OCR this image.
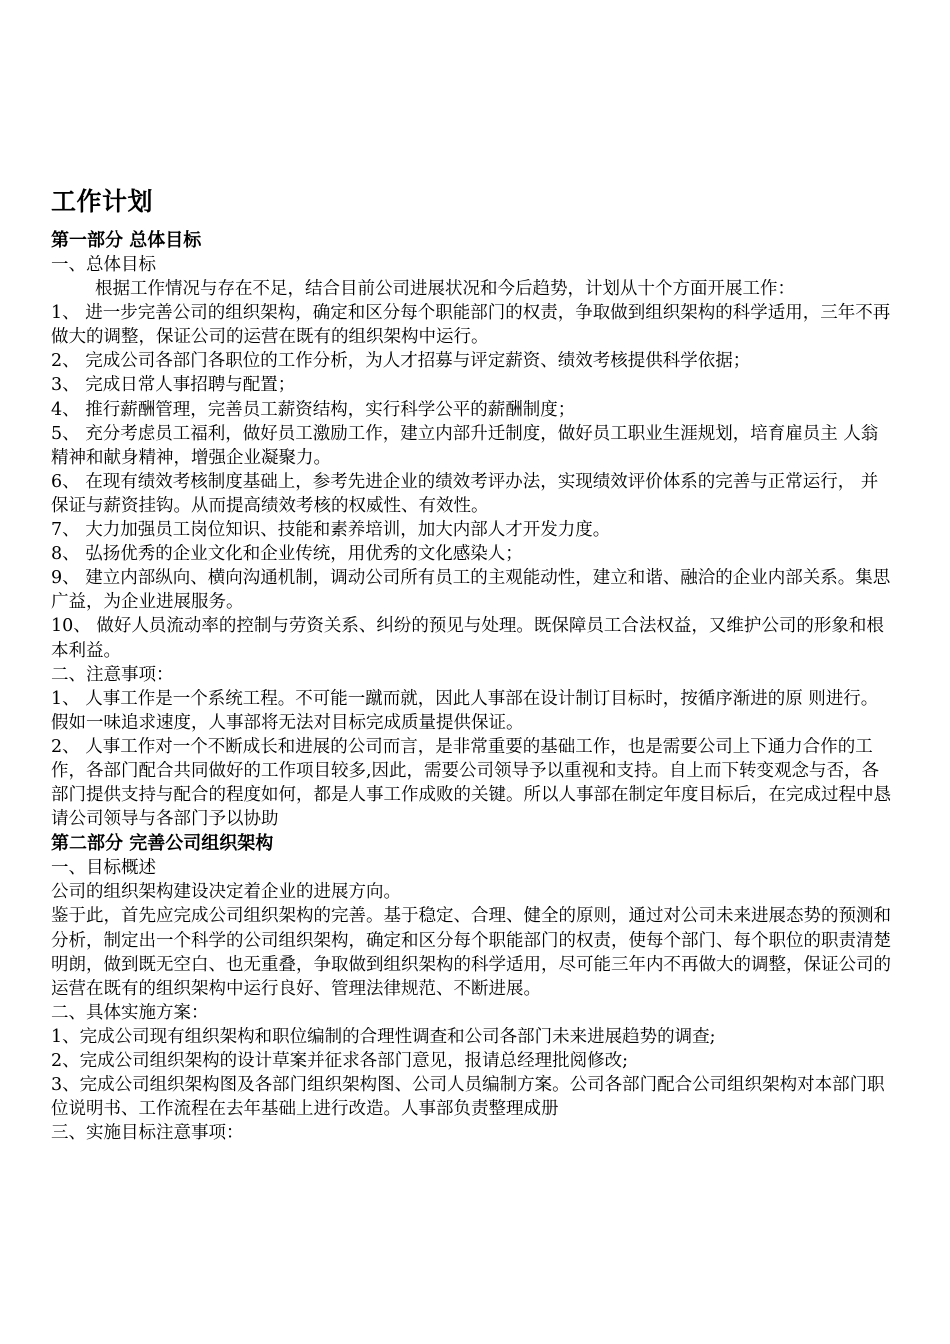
工作计划
第一部分 总体目标
一、总体目标
根据工作情况与存在不足，结合目前公司进展状况和今后趋势，计划从十个方面开展工作：
1、 进一步完善公司的组织架构，确定和区分每个职能部门的权责，争取做到组织架构的科学适用，三年不再做大的调整，保证公司的运营在既有的组织架构中运行。
2、 完成公司各部门各职位的工作分析，为人才招募与评定薪资、绩效考核提供科学依据；
3、 完成日常人事招聘与配置；
4、 推行薪酬管理，完善员工薪资结构，实行科学公平的薪酬制度；
5、 充分考虑员工福利，做好员工激励工作，建立内部升迁制度，做好员工职业生涯规划，培育雇员主 人翁精神和献身精神，增强企业凝聚力。
6、 在现有绩效考核制度基础上，参考先进企业的绩效考评办法，实现绩效评价体系的完善与正常运行， 并保证与薪资挂钩。从而提高绩效考核的权威性、有效性。
7、 大力加强员工岗位知识、技能和素养培训，加大内部人才开发力度。
8、 弘扬优秀的企业文化和企业传统，用优秀的文化感染人；
9、 建立内部纵向、横向沟通机制，调动公司所有员工的主观能动性，建立和谐、融洽的企业内部关系。集思广益，为企业进展服务。
10、 做好人员流动率的控制与劳资关系、纠纷的预见与处理。既保障员工合法权益，又维护公司的形象和根本利益。
二、注意事项：
1、 人事工作是一个系统工程。不可能一蹴而就，因此人事部在设计制订目标时，按循序渐进的原 则进行。假如一味追求速度，人事部将无法对目标完成质量提供保证。
2、 人事工作对一个不断成长和进展的公司而言，是非常重要的基础工作，也是需要公司上下通力合作的工作，各部门配合共同做好的工作项目较多,因此，需要公司领导予以重视和支持。自上而下转变观念与否，各部门提供支持与配合的程度如何，都是人事工作成败的关键。所以人事部在制定年度目标后，在完成过程中恳请公司领导与各部门予以协助
第二部分 完善公司组织架构
一、目标概述
公司的组织架构建设决定着企业的进展方向。
鉴于此，首先应完成公司组织架构的完善。基于稳定、合理、健全的原则，通过对公司未来进展态势的预测和分析，制定出一个科学的公司组织架构，确定和区分每个职能部门的权责，使每个部门、每个职位的职责清楚明朗，做到既无空白、也无重叠，争取做到组织架构的科学适用，尽可能三年内不再做大的调整，保证公司的运营在既有的组织架构中运行良好、管理法律规范、不断进展。
二、具体实施方案：
1、完成公司现有组织架构和职位编制的合理性调查和公司各部门未来进展趋势的调查;
2、完成公司组织架构的设计草案并征求各部门意见，报请总经理批阅修改;
3、完成公司组织架构图及各部门组织架构图、公司人员编制方案。公司各部门配合公司组织架构对本部门职位说明书、工作流程在去年基础上进行改造。人事部负责整理成册
三、实施目标注意事项：
